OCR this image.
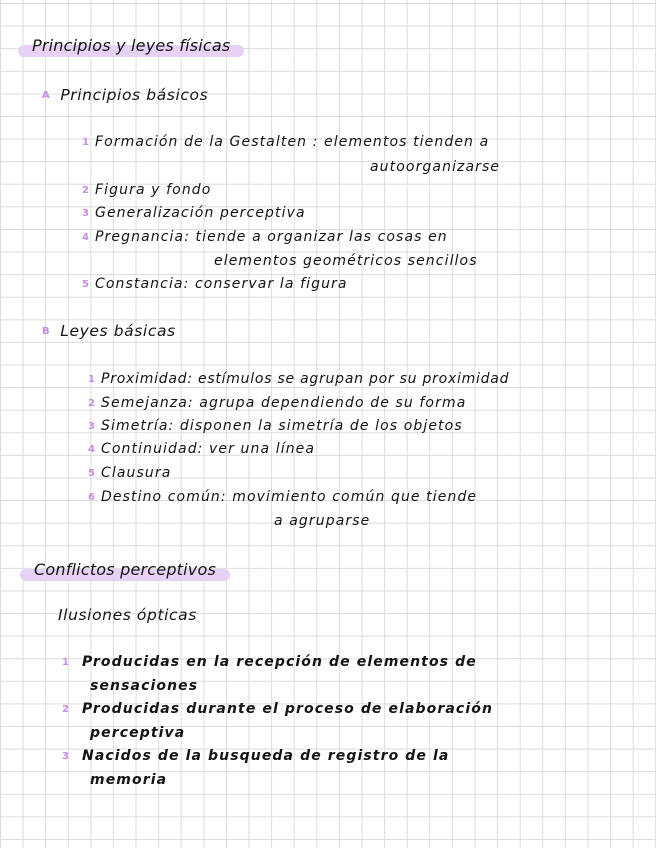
Principios y leyes físicas
A Principios básicos
1 Formación de la Gestalten : elementos tienden a
autoorganizarse
2 Figura y fondo
3 Generalización perceptiva
4 Pregnancia: tiende a organizar las cosas en
elementos geométricos sencillos
5 Constancia: conservar la figura
B Leyes básicas
1 Proximidad: estímulos se agrupan por su proximidad
2 Semejanza: agrupa dependiendo de su forma
3 Simetría: disponen la simetría de los objetos
4 Continuidad: ver una línea
5 Clausura
6 Destino común: movimiento común que tiende
a agruparse
Conflictos perceptivos
Ilusiones ópticas
1 Producidas en la recepción de elementos de
sensaciones
2 Producidas durante el proceso de elaboración
perceptiva
3 Nacidos de la busqueda de registro de la
memoria
